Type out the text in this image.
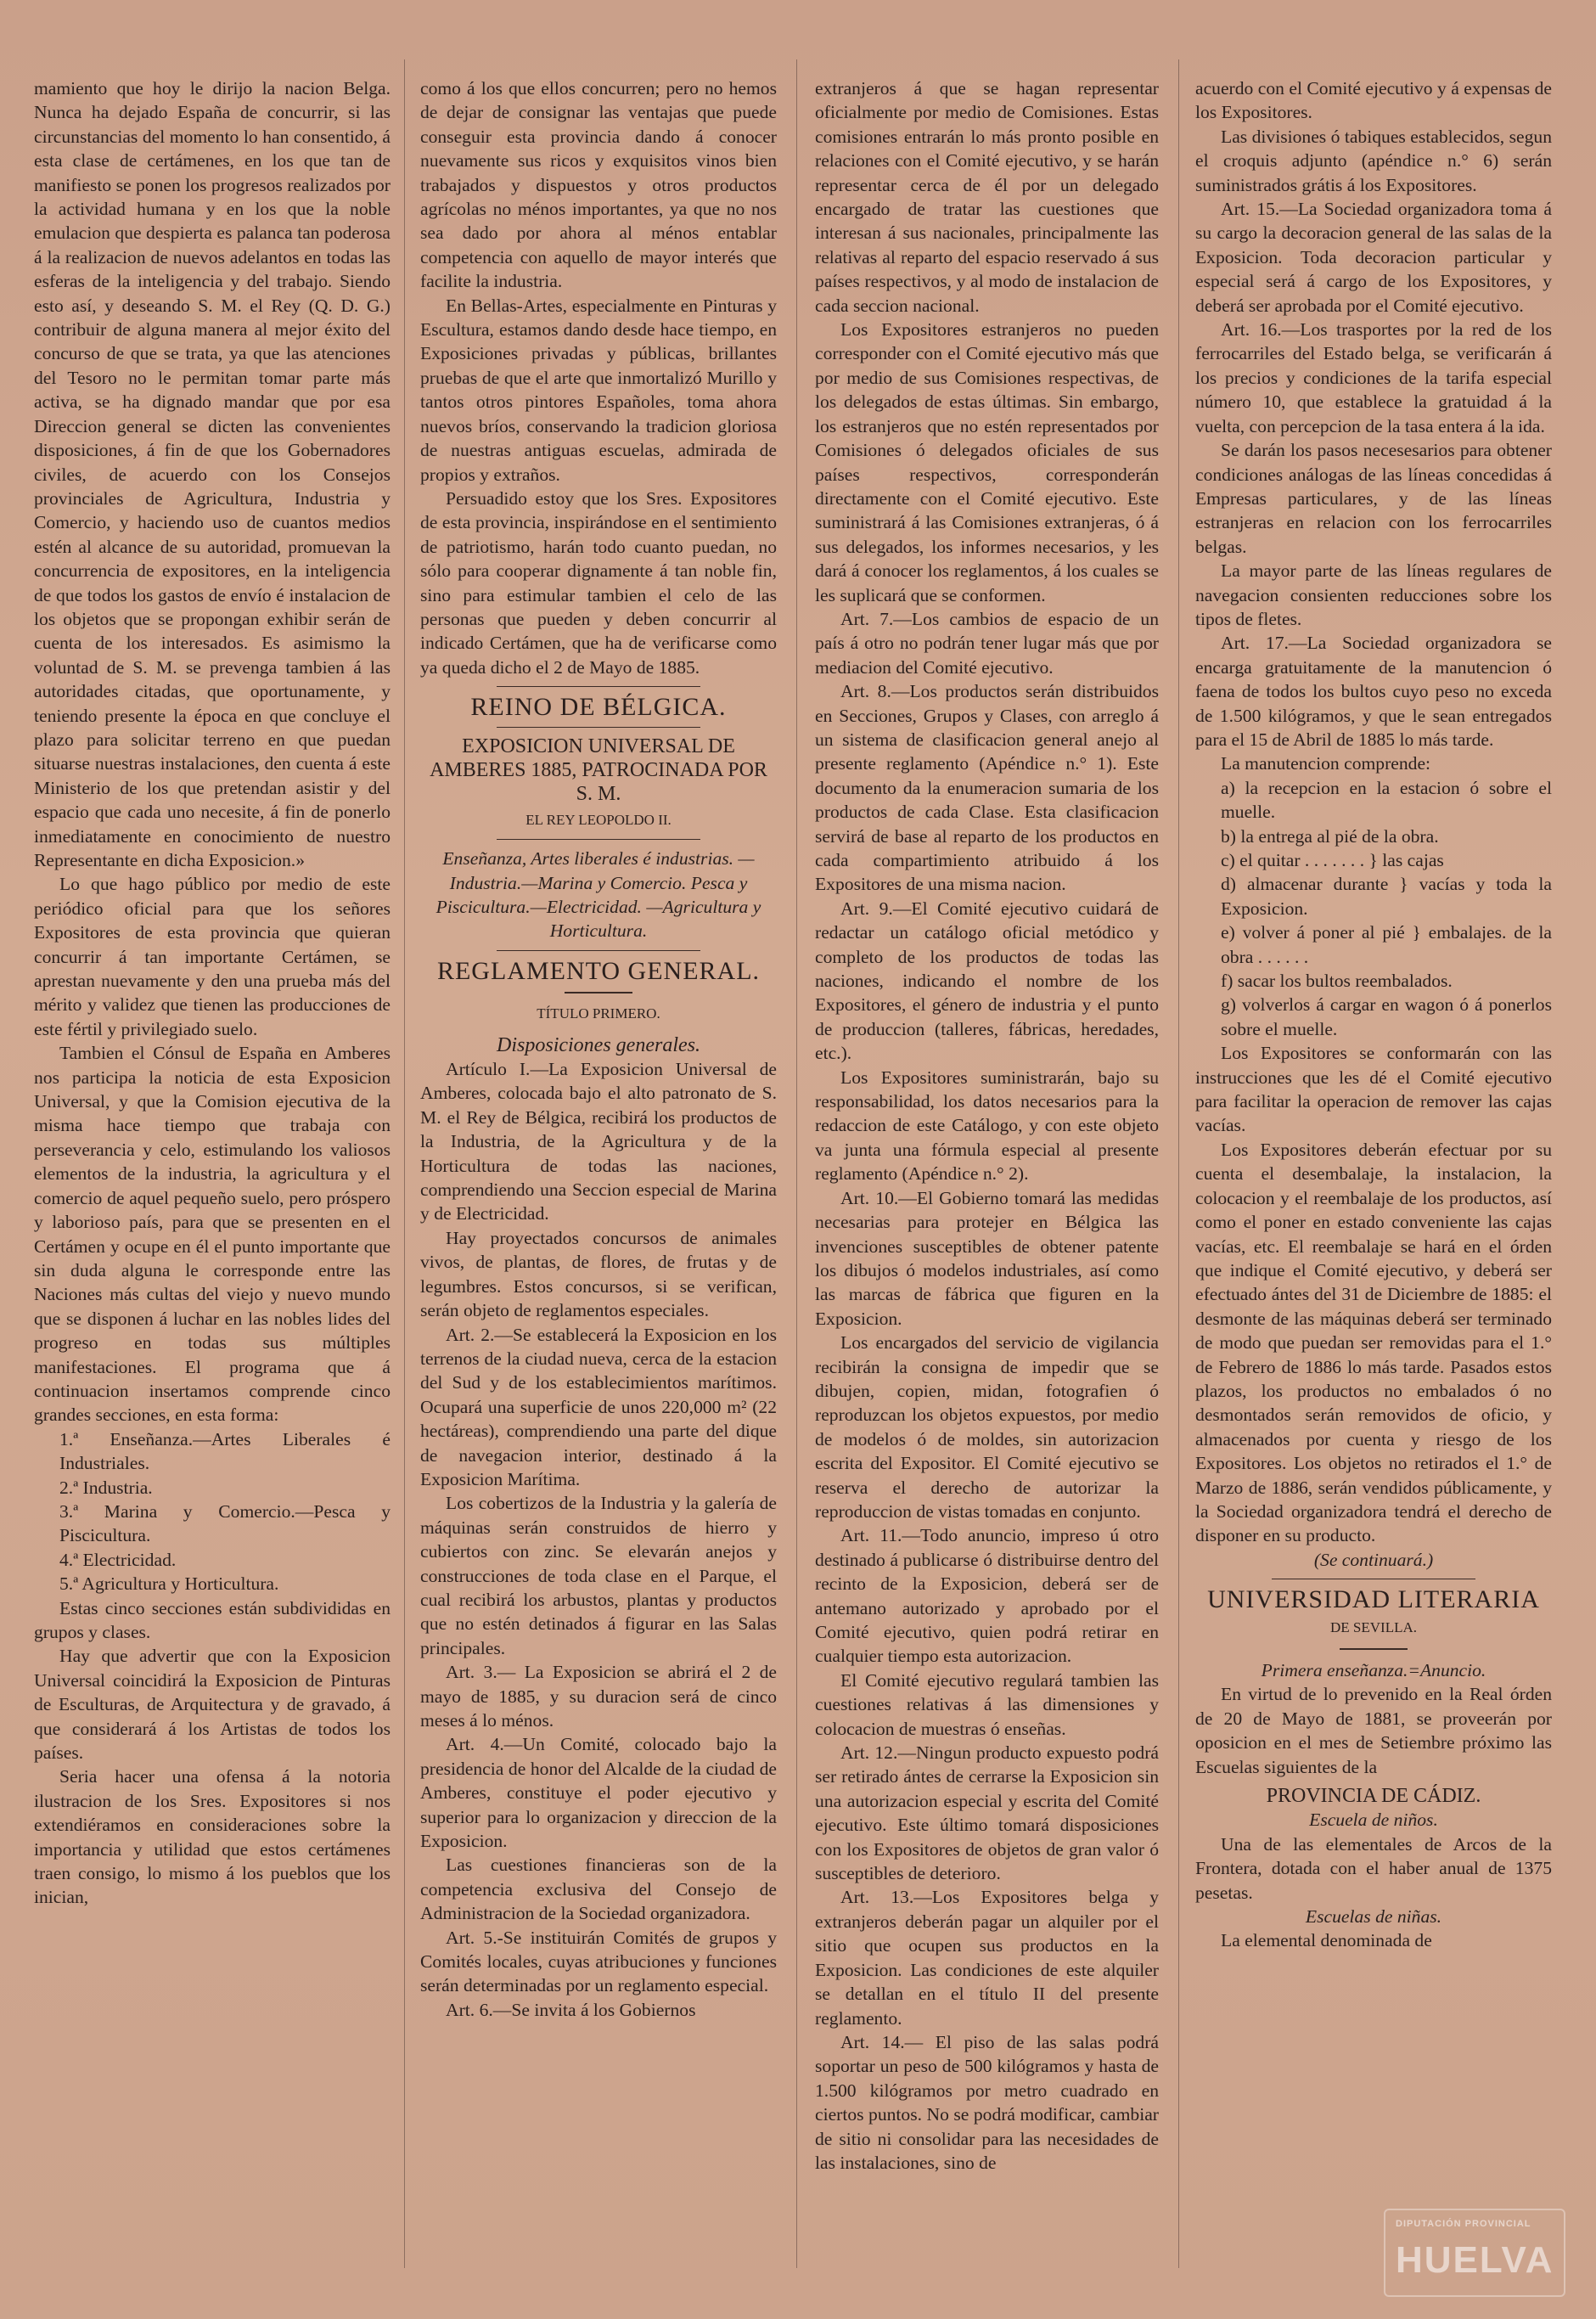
mamiento que hoy le dirijo la nacion Belga. Nunca ha dejado España de concurrir, si las circunstancias del momento lo han consentido, á esta clase de certámenes, en los que tan de manifiesto se ponen los progresos realizados por la actividad humana y en los que la noble emulacion que despierta es palanca tan poderosa á la realizacion de nuevos adelantos en todas las esferas de la inteligencia y del trabajo. Siendo esto así, y deseando S. M. el Rey (Q. D. G.) contribuir de alguna manera al mejor éxito del concurso de que se trata, ya que las atenciones del Tesoro no le permitan tomar parte más activa, se ha dignado mandar que por esa Direccion general se dicten las convenientes disposiciones, á fin de que los Gobernadores civiles, de acuerdo con los Consejos provinciales de Agricultura, Industria y Comercio, y haciendo uso de cuantos medios estén al alcance de su autoridad, promuevan la concurrencia de expositores, en la inteligencia de que todos los gastos de envío é instalacion de los objetos que se propongan exhibir serán de cuenta de los interesados. Es asimismo la voluntad de S. M. se prevenga tambien á las autoridades citadas, que oportunamente, y teniendo presente la época en que concluye el plazo para solicitar terreno en que puedan situarse nuestras instalaciones, den cuenta á este Ministerio de los que pretendan asistir y del espacio que cada uno necesite, á fin de ponerlo inmediatamente en conocimiento de nuestro Representante en dicha Exposicion.»

Lo que hago público por medio de este periódico oficial para que los señores Expositores de esta provincia que quieran concurrir á tan importante Certámen, se aprestan nuevamente y den una prueba más del mérito y validez que tienen las producciones de este fértil y privilegiado suelo.

Tambien el Cónsul de España en Amberes nos participa la noticia de esta Exposicion Universal, y que la Comision ejecutiva de la misma hace tiempo que trabaja con perseverancia y celo, estimulando los valiosos elementos de la industria, la agricultura y el comercio de aquel pequeño suelo, pero próspero y laborioso país, para que se presenten en el Certámen y ocupe en él el punto importante que sin duda alguna le corresponde entre las Naciones más cultas del viejo y nuevo mundo que se disponen á luchar en las nobles lides del progreso en todas sus múltiples manifestaciones. El programa que á continuacion insertamos comprende cinco grandes secciones, en esta forma:

1.ª Enseñanza.—Artes Liberales é Industriales.
2.ª Industria.
3.ª Marina y Comercio.—Pesca y Piscicultura.
4.ª Electricidad.
5.ª Agricultura y Horticultura.

Estas cinco secciones están subdivididas en grupos y clases.

Hay que advertir que con la Exposicion Universal coincidirá la Exposicion de Pinturas de Esculturas, de Arquitectura y de gravado, á que considerará á los Artistas de todos los países.

Seria hacer una ofensa á la notoria ilustracion de los Sres. Expositores si nos extendiéramos en consideraciones sobre la importancia y utilidad que estos certámenes traen consigo, lo mismo á los pueblos que los inician,

como á los que ellos concurren; pero no hemos de dejar de consignar las ventajas que puede conseguir esta provincia dando á conocer nuevamente sus ricos y exquisitos vinos bien trabajados y dispuestos y otros productos agrícolas no ménos importantes, ya que no nos sea dado por ahora al ménos entablar competencia con aquello de mayor interés que facilite la industria.

En Bellas-Artes, especialmente en Pinturas y Escultura, estamos dando desde hace tiempo, en Exposiciones privadas y públicas, brillantes pruebas de que el arte que inmortalizó Murillo y tantos otros pintores Españoles, toma ahora nuevos bríos, conservando la tradicion gloriosa de nuestras antiguas escuelas, admirada de propios y extraños.

Persuadido estoy que los Sres. Expositores de esta provincia, inspirándose en el sentimiento de patriotismo, harán todo cuanto puedan, no sólo para cooperar dignamente á tan noble fin, sino para estimular tambien el celo de las personas que pueden y deben concurrir al indicado Certámen, que ha de verificarse como ya queda dicho el 2 de Mayo de 1885.

REINO DE BÉLGICA.
EXPOSICION UNIVERSAL DE AMBERES 1885, PATROCINADA POR S. M.
EL REY LEOPOLDO II.

Enseñanza, Artes liberales é industrias. —Industria.—Marina y Comercio. Pesca y Piscicultura.—Electricidad. —Agricultura y Horticultura.

REGLAMENTO GENERAL.
TÍTULO PRIMERO.
Disposiciones generales.

Artículo I.—La Exposicion Universal de Amberes, colocada bajo el alto patronato de S. M. el Rey de Bélgica, recibirá los productos de la Industria, de la Agricultura y de la Horticultura de todas las naciones, comprendiendo una Seccion especial de Marina y de Electricidad.

Hay proyectados concursos de animales vivos, de plantas, de flores, de frutas y de legumbres. Estos concursos, si se verifican, serán objeto de reglamentos especiales.

Art. 2.—Se establecerá la Exposicion en los terrenos de la ciudad nueva, cerca de la estacion del Sud y de los establecimientos marítimos. Ocupará una superficie de unos 220,000 m² (22 hectáreas), comprendiendo una parte del dique de navegacion interior, destinado á la Exposicion Marítima.

Los cobertizos de la Industria y la galería de máquinas serán construidos de hierro y cubiertos con zinc. Se elevarán anejos y construcciones de toda clase en el Parque, el cual recibirá los arbustos, plantas y productos que no estén detinados á figurar en las Salas principales.

Art. 3.— La Exposicion se abrirá el 2 de mayo de 1885, y su duracion será de cinco meses á lo ménos.

Art. 4.—Un Comité, colocado bajo la presidencia de honor del Alcalde de la ciudad de Amberes, constituye el poder ejecutivo y superior para lo organizacion y direccion de la Exposicion.

Las cuestiones financieras son de la competencia exclusiva del Consejo de Administracion de la Sociedad organizadora.

Art. 5.-Se instituirán Comités de grupos y Comités locales, cuyas atribuciones y funciones serán determinadas por un reglamento especial.

Art. 6.—Se invita á los Gobiernos

extranjeros á que se hagan representar oficialmente por medio de Comisiones. Estas comisiones entrarán lo más pronto posible en relaciones con el Comité ejecutivo, y se harán representar cerca de él por un delegado encargado de tratar las cuestiones que interesan á sus nacionales, principalmente las relativas al reparto del espacio reservado á sus países respectivos, y al modo de instalacion de cada seccion nacional.

Los Expositores estranjeros no pueden corresponder con el Comité ejecutivo más que por medio de sus Comisiones respectivas, de los delegados de estas últimas. Sin embargo, los estranjeros que no estén representados por Comisiones ó delegados oficiales de sus países respectivos, corresponderán directamente con el Comité ejecutivo. Este suministrará á las Comisiones extranjeras, ó á sus delegados, los informes necesarios, y les dará á conocer los reglamentos, á los cuales se les suplicará que se conformen.

Art. 7.—Los cambios de espacio de un país á otro no podrán tener lugar más que por mediacion del Comité ejecutivo.

Art. 8.—Los productos serán distribuidos en Secciones, Grupos y Clases, con arreglo á un sistema de clasificacion general anejo al presente reglamento (Apéndice n.° 1). Este documento da la enumeracion sumaria de los productos de cada Clase. Esta clasificacion servirá de base al reparto de los productos en cada compartimiento atribuido á los Expositores de una misma nacion.

Art. 9.—El Comité ejecutivo cuidará de redactar un catálogo oficial metódico y completo de los productos de todas las naciones, indicando el nombre de los Expositores, el género de industria y el punto de produccion (talleres, fábricas, heredades, etc.).

Los Expositores suministrarán, bajo su responsabilidad, los datos necesarios para la redaccion de este Catálogo, y con este objeto va junta una fórmula especial al presente reglamento (Apéndice n.° 2).

Art. 10.—El Gobierno tomará las medidas necesarias para protejer en Bélgica las invenciones susceptibles de obtener patente los dibujos ó modelos industriales, así como las marcas de fábrica que figuren en la Exposicion.

Los encargados del servicio de vigilancia recibirán la consigna de impedir que se dibujen, copien, midan, fotografien ó reproduzcan los objetos expuestos, por medio de modelos ó de moldes, sin autorizacion escrita del Expositor. El Comité ejecutivo se reserva el derecho de autorizar la reproduccion de vistas tomadas en conjunto.

Art. 11.—Todo anuncio, impreso ú otro destinado á publicarse ó distribuirse dentro del recinto de la Exposicion, deberá ser de antemano autorizado y aprobado por el Comité ejecutivo, quien podrá retirar en cualquier tiempo esta autorizacion.

El Comité ejecutivo regulará tambien las cuestiones relativas á las dimensiones y colocacion de muestras ó enseñas.

Art. 12.—Ningun producto expuesto podrá ser retirado ántes de cerrarse la Exposicion sin una autorizacion especial y escrita del Comité ejecutivo. Este último tomará disposiciones con los Expositores de objetos de gran valor ó susceptibles de deterioro.

Art. 13.—Los Expositores belga y extranjeros deberán pagar un alquiler por el sitio que ocupen sus productos en la Exposicion. Las condiciones de este alquiler se detallan en el título II del presente reglamento.

Art. 14.— El piso de las salas podrá soportar un peso de 500 kilógramos y hasta de 1.500 kilógramos por metro cuadrado en ciertos puntos. No se podrá modificar, cambiar de sitio ni consolidar para las necesidades de las instalaciones, sino de

acuerdo con el Comité ejecutivo y á expensas de los Expositores.

Las divisiones ó tabiques establecidos, segun el croquis adjunto (apéndice n.° 6) serán suministrados grátis á los Expositores.

Art. 15.—La Sociedad organizadora toma á su cargo la decoracion general de las salas de la Exposicion. Toda decoracion particular y especial será á cargo de los Expositores, y deberá ser aprobada por el Comité ejecutivo.

Art. 16.—Los trasportes por la red de los ferrocarriles del Estado belga, se verificarán á los precios y condiciones de la tarifa especial número 10, que establece la gratuidad á la vuelta, con percepcion de la tasa entera á la ida.

Se darán los pasos necesesarios para obtener condiciones análogas de las líneas concedidas á Empresas particulares, y de las líneas estranjeras en relacion con los ferrocarriles belgas.

La mayor parte de las líneas regulares de navegacion consienten reducciones sobre los tipos de fletes.

Art. 17.—La Sociedad organizadora se encarga gratuitamente de la manutencion ó faena de todos los bultos cuyo peso no exceda de 1.500 kilógramos, y que le sean entregados para el 15 de Abril de 1885 lo más tarde.

La manutencion comprende:

a) la recepcion en la estacion ó sobre el muelle.
b) la entrega al pié de la obra.
c) el quitar . . . . . . . } las cajas
d) almacenar durante } vacías y toda la Exposicion.
e) volver á poner al pié } embalajes. de la obra . . . . . .
f) sacar los bultos reembalados.
g) volverlos á cargar en wagon ó á ponerlos sobre el muelle.

Los Expositores se conformarán con las instrucciones que les dé el Comité ejecutivo para facilitar la operacion de remover las cajas vacías.

Los Expositores deberán efectuar por su cuenta el desembalaje, la instalacion, la colocacion y el reembalaje de los productos, así como el poner en estado conveniente las cajas vacías, etc. El reembalaje se hará en el órden que indique el Comité ejecutivo, y deberá ser efectuado ántes del 31 de Diciembre de 1885: el desmonte de las máquinas deberá ser terminado de modo que puedan ser removidas para el 1.° de Febrero de 1886 lo más tarde. Pasados estos plazos, los productos no embalados ó no desmontados serán removidos de oficio, y almacenados por cuenta y riesgo de los Expositores. Los objetos no retirados el 1.° de Marzo de 1886, serán vendidos públicamente, y la Sociedad organizadora tendrá el derecho de disponer en su producto.

(Se continuará.)

UNIVERSIDAD LITERARIA
DE SEVILLA.

Primera enseñanza.=Anuncio.

En virtud de lo prevenido en la Real órden de 20 de Mayo de 1881, se proveerán por oposicion en el mes de Setiembre próximo las Escuelas siguientes de la

PROVINCIA DE CÁDIZ.

Escuela de niños.

Una de las elementales de Arcos de la Frontera, dotada con el haber anual de 1375 pesetas.

Escuelas de niñas.

La elemental denominada de

DIPUTACIÓN PROVINCIAL
HUELVA
